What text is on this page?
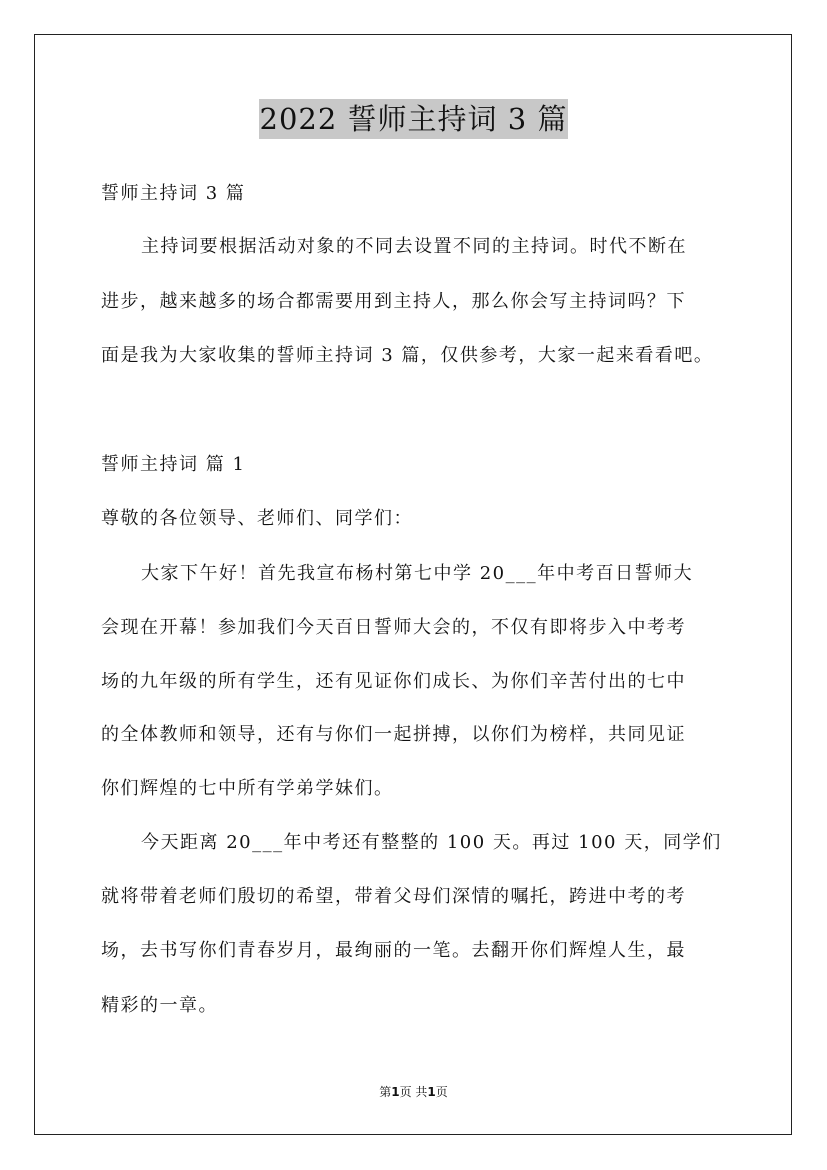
2022 誓师主持词 3 篇
誓师主持词 3 篇
主持词要根据活动对象的不同去设置不同的主持词。时代不断在
进步，越来越多的场合都需要用到主持人，那么你会写主持词吗？下
面是我为大家收集的誓师主持词 3 篇，仅供参考，大家一起来看看吧。
誓师主持词 篇 1
尊敬的各位领导、老师们、同学们：
大家下午好！首先我宣布杨村第七中学 20___年中考百日誓师大
会现在开幕！参加我们今天百日誓师大会的，不仅有即将步入中考考
场的九年级的所有学生，还有见证你们成长、为你们辛苦付出的七中
的全体教师和领导，还有与你们一起拼搏，以你们为榜样，共同见证
你们辉煌的七中所有学弟学妹们。
今天距离 20___年中考还有整整的 100 天。再过 100 天，同学们
就将带着老师们殷切的希望，带着父母们深情的嘱托，跨进中考的考
场，去书写你们青春岁月，最绚丽的一笔。去翻开你们辉煌人生，最
精彩的一章。
第1页 共1页
